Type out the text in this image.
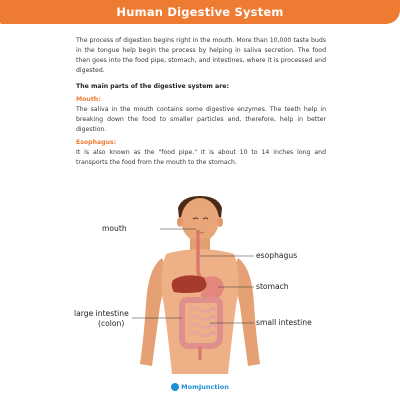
Human Digestive System

The process of digestion begins right in the mouth. More than 10,000 taste buds in the tongue help begin the process by helping in saliva secretion. The food then goes into the food pipe, stomach, and intestines, where it is processed and digested.

The main parts of the digestive system are:

Mouth:

The saliva in the mouth contains some digestive enzymes. The teeth help in breaking down the food to smaller particles and, therefore, help in better digestion.

Esophagus:

It is also known as the "food pipe." It is about 10 to 14 inches long and transports the food from the mouth to the stomach.

mouth
esophagus
stomach
large intestine
(colon)	small intestine
MomJunction
